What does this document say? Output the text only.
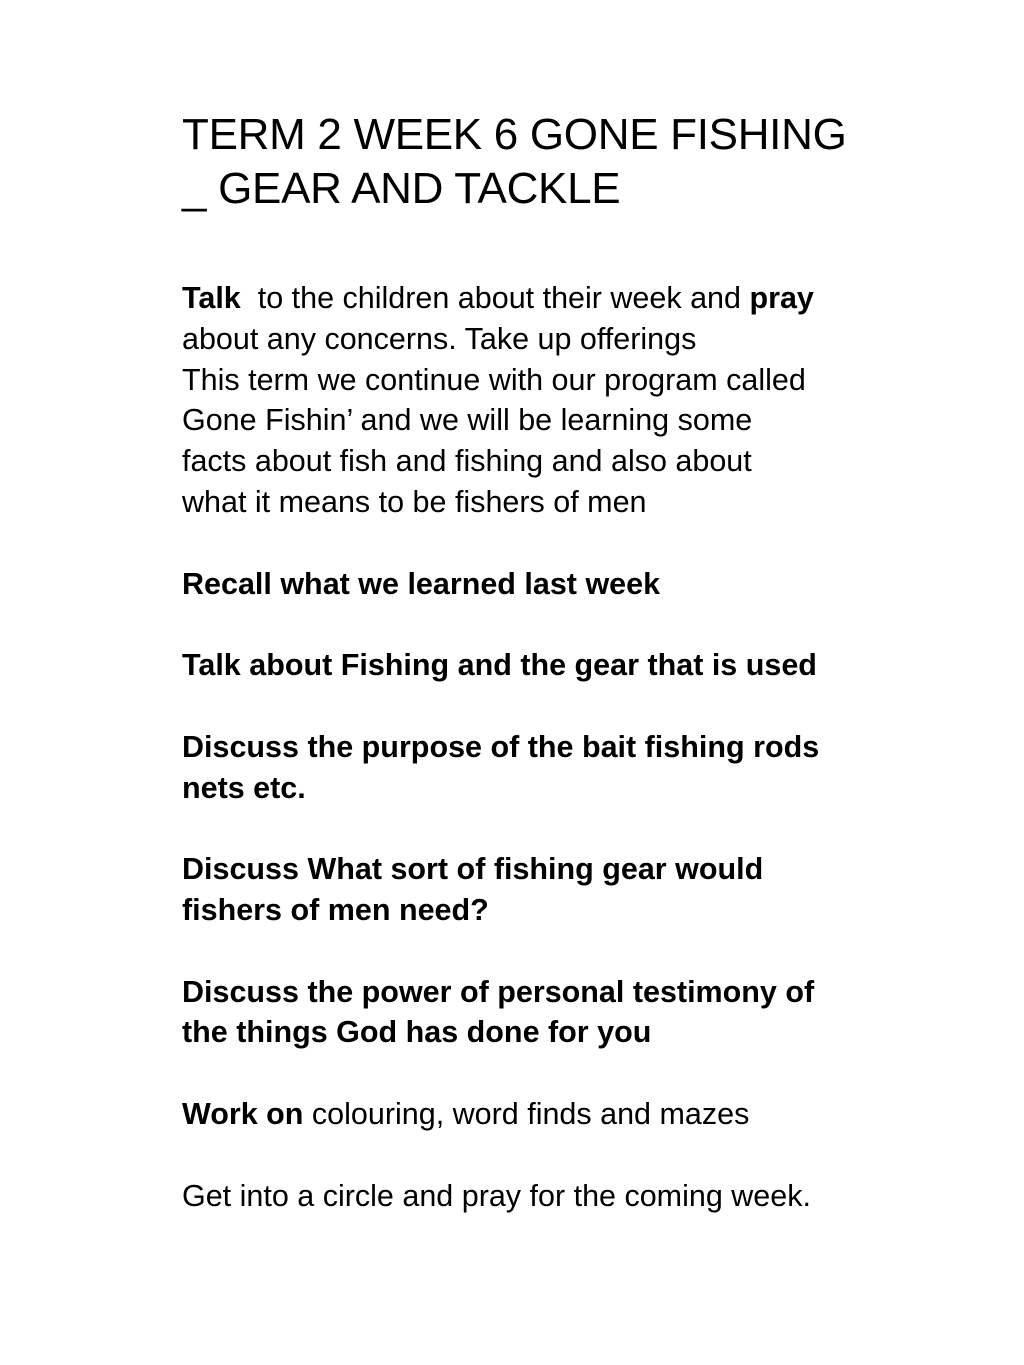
TERM 2 WEEK 6 GONE FISHING
_ GEAR AND TACKLE

Talk to the children about their week and pray
about any concerns. Take up offerings
This term we continue with our program called
Gone Fishin’ and we will be learning some
facts about fish and fishing and also about
what it means to be fishers of men

Recall what we learned last week

Talk about Fishing and the gear that is used

Discuss the purpose of the bait fishing rods
nets etc.

Discuss What sort of fishing gear would
fishers of men need?

Discuss the power of personal testimony of
the things God has done for you

Work on colouring, word finds and mazes

Get into a circle and pray for the coming week.
